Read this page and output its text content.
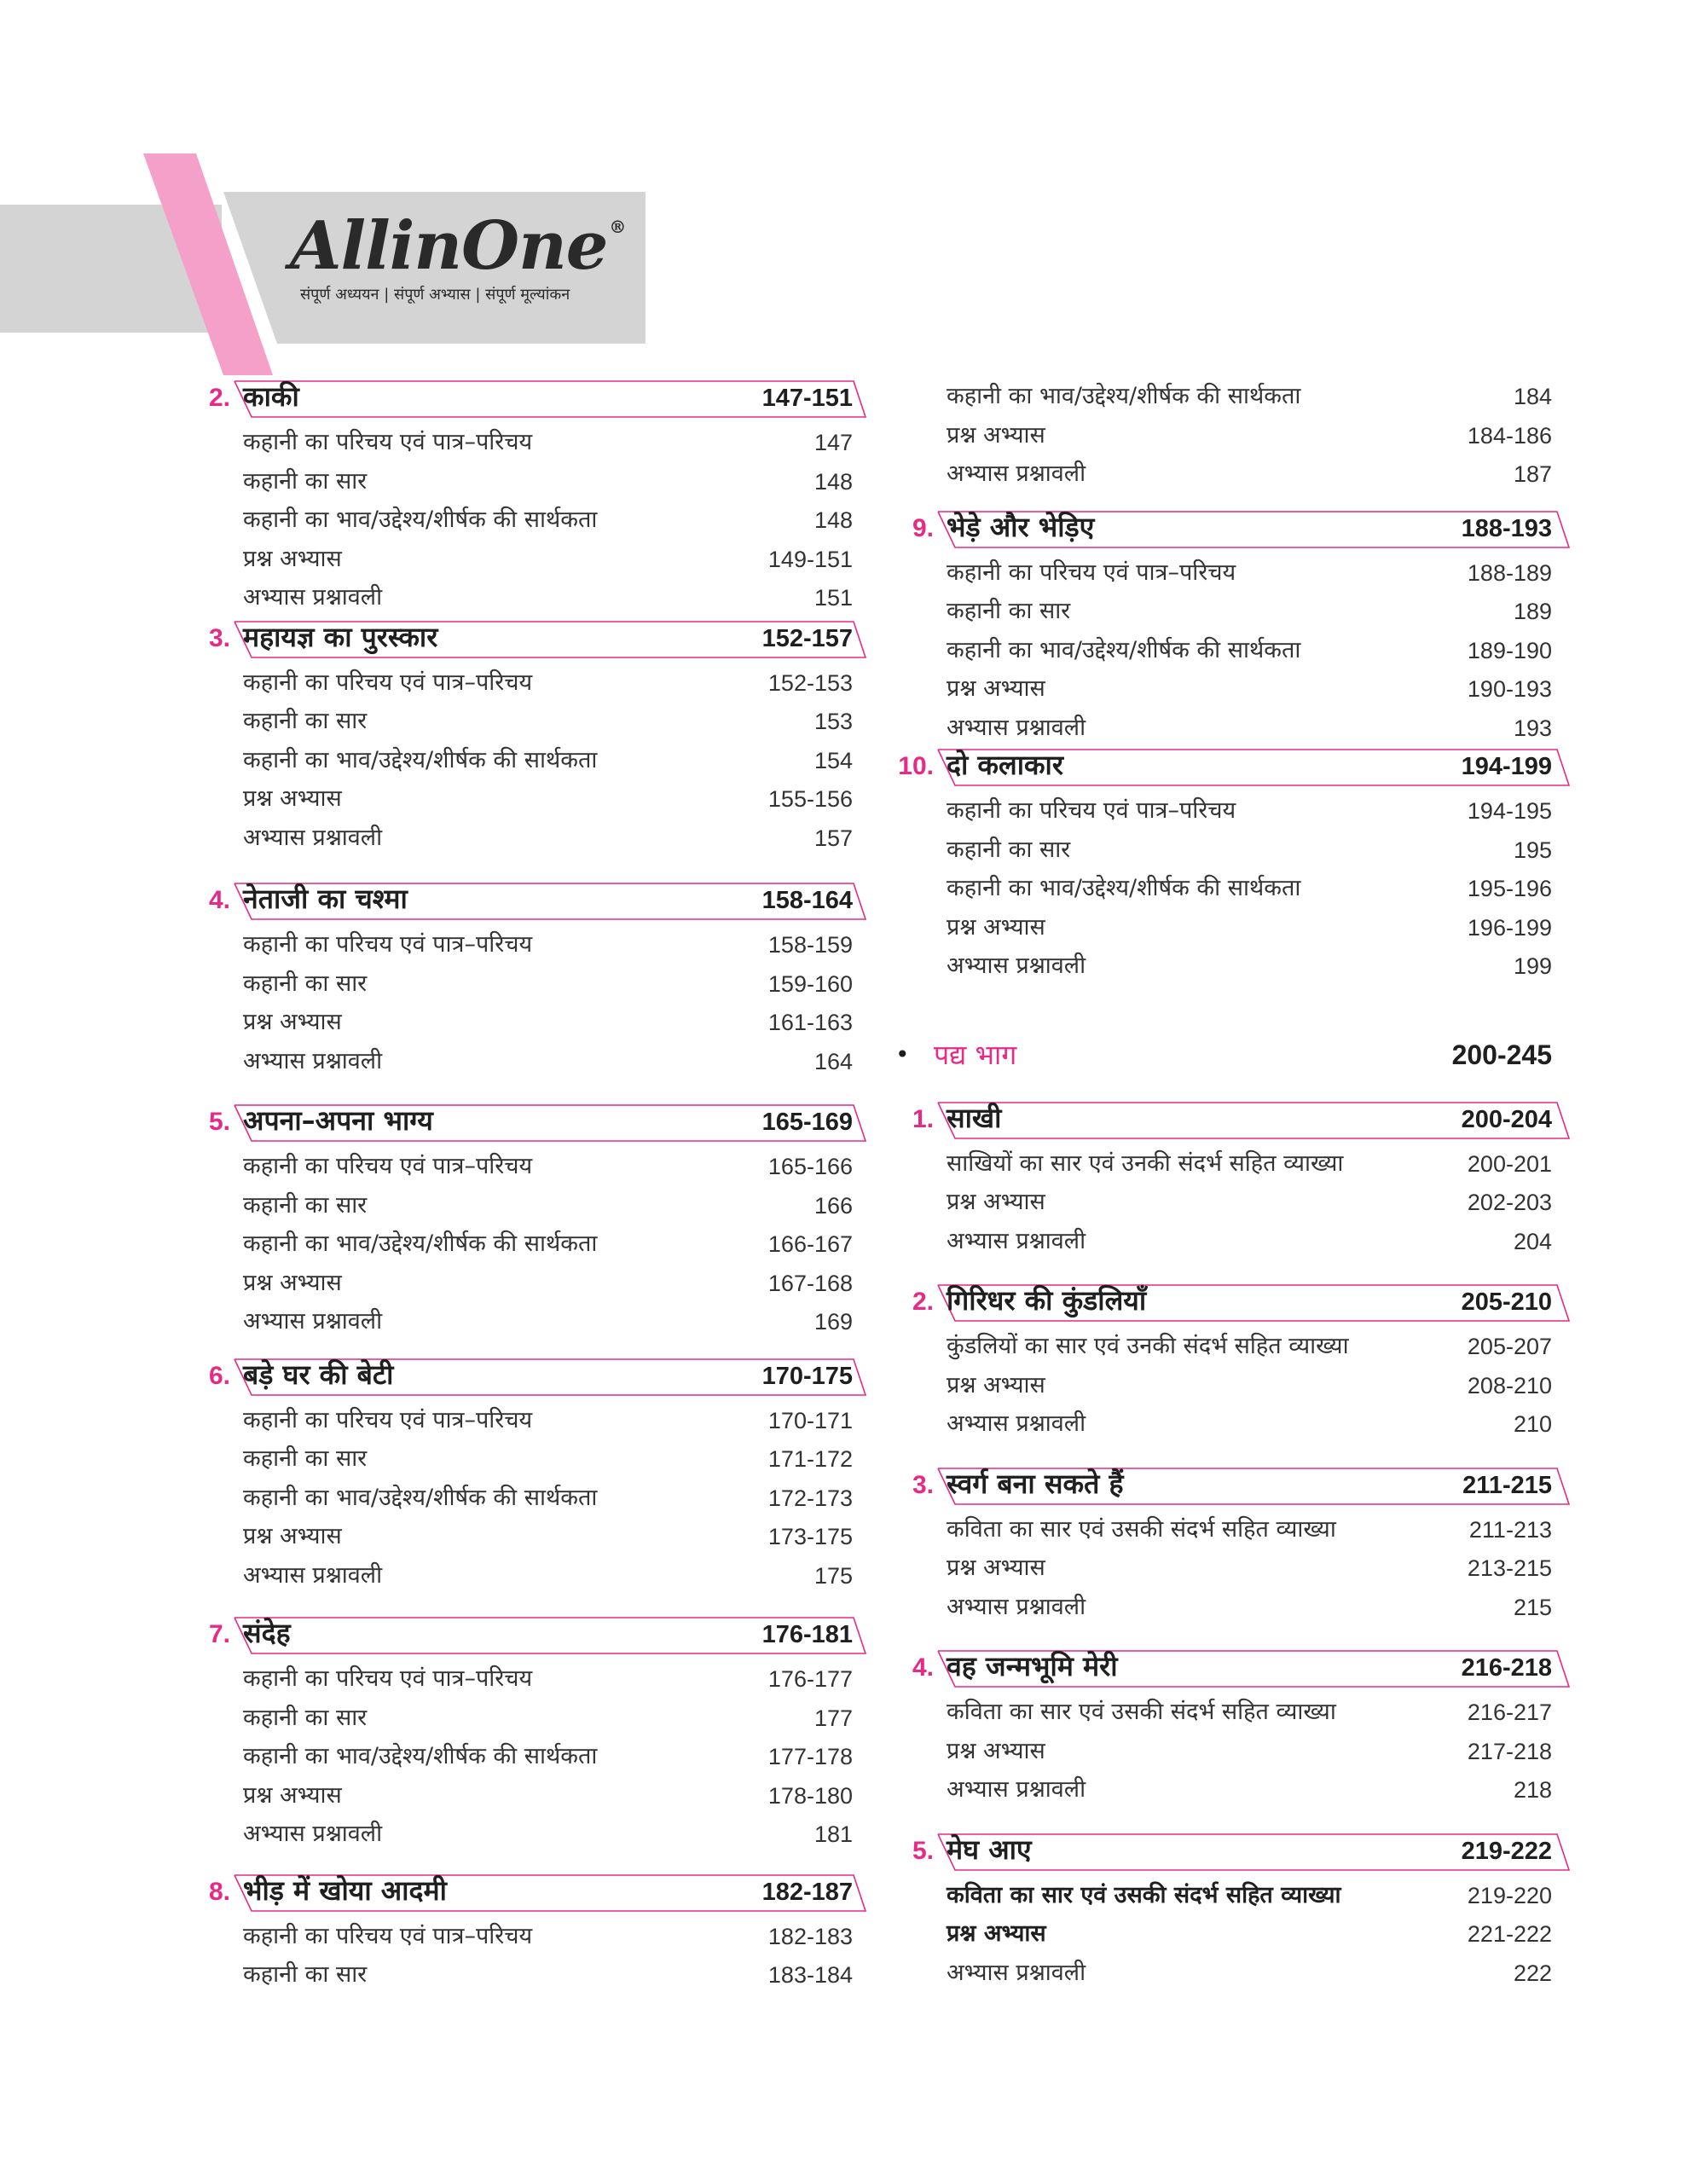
AllinOne ®
संपूर्ण अध्ययन | संपूर्ण अभ्यास | संपूर्ण मूल्यांकन
2. काकी	147-151
कहानी का परिचय एवं पात्र–परिचय	147
कहानी का सार	148
कहानी का भाव/उद्देश्य/शीर्षक की सार्थकता	148
प्रश्न अभ्यास	149-151
अभ्यास प्रश्नावली	151
3. महायज्ञ का पुरस्कार	152-157
कहानी का परिचय एवं पात्र–परिचय	152-153
कहानी का सार	153
कहानी का भाव/उद्देश्य/शीर्षक की सार्थकता	154
प्रश्न अभ्यास	155-156
अभ्यास प्रश्नावली	157
4. नेताजी का चश्मा	158-164
कहानी का परिचय एवं पात्र–परिचय	158-159
कहानी का सार	159-160
प्रश्न अभ्यास	161-163
अभ्यास प्रश्नावली	164
5. अपना–अपना भाग्य	165-169
कहानी का परिचय एवं पात्र–परिचय	165-166
कहानी का सार	166
कहानी का भाव/उद्देश्य/शीर्षक की सार्थकता	166-167
प्रश्न अभ्यास	167-168
अभ्यास प्रश्नावली	169
6. बड़े घर की बेटी	170-175
कहानी का परिचय एवं पात्र–परिचय	170-171
कहानी का सार	171-172
कहानी का भाव/उद्देश्य/शीर्षक की सार्थकता	172-173
प्रश्न अभ्यास	173-175
अभ्यास प्रश्नावली	175
7. संदेह	176-181
कहानी का परिचय एवं पात्र–परिचय	176-177
कहानी का सार	177
कहानी का भाव/उद्देश्य/शीर्षक की सार्थकता	177-178
प्रश्न अभ्यास	178-180
अभ्यास प्रश्नावली	181
8. भीड़ में खोया आदमी	182-187
कहानी का परिचय एवं पात्र–परिचय	182-183
कहानी का सार	183-184
कहानी का भाव/उद्देश्य/शीर्षक की सार्थकता	184
प्रश्न अभ्यास	184-186
अभ्यास प्रश्नावली	187
9. भेड़े और भेड़िए	188-193
कहानी का परिचय एवं पात्र–परिचय	188-189
कहानी का सार	189
कहानी का भाव/उद्देश्य/शीर्षक की सार्थकता	189-190
प्रश्न अभ्यास	190-193
अभ्यास प्रश्नावली	193
10. दो कलाकार	194-199
कहानी का परिचय एवं पात्र–परिचय	194-195
कहानी का सार	195
कहानी का भाव/उद्देश्य/शीर्षक की सार्थकता	195-196
प्रश्न अभ्यास	196-199
अभ्यास प्रश्नावली	199
• पद्य भाग	200-245
1. साखी	200-204
साखियों का सार एवं उनकी संदर्भ सहित व्याख्या	200-201
प्रश्न अभ्यास	202-203
अभ्यास प्रश्नावली	204
2. गिरिधर की कुंडलियाँ	205-210
कुंडलियों का सार एवं उनकी संदर्भ सहित व्याख्या	205-207
प्रश्न अभ्यास	208-210
अभ्यास प्रश्नावली	210
3. स्वर्ग बना सकते हैं	211-215
कविता का सार एवं उसकी संदर्भ सहित व्याख्या	211-213
प्रश्न अभ्यास	213-215
अभ्यास प्रश्नावली	215
4. वह जन्मभूमि मेरी	216-218
कविता का सार एवं उसकी संदर्भ सहित व्याख्या	216-217
प्रश्न अभ्यास	217-218
अभ्यास प्रश्नावली	218
5. मेघ आए	219-222
कविता का सार एवं उसकी संदर्भ सहित व्याख्या	219-220
प्रश्न अभ्यास	221-222
अभ्यास प्रश्नावली	222
